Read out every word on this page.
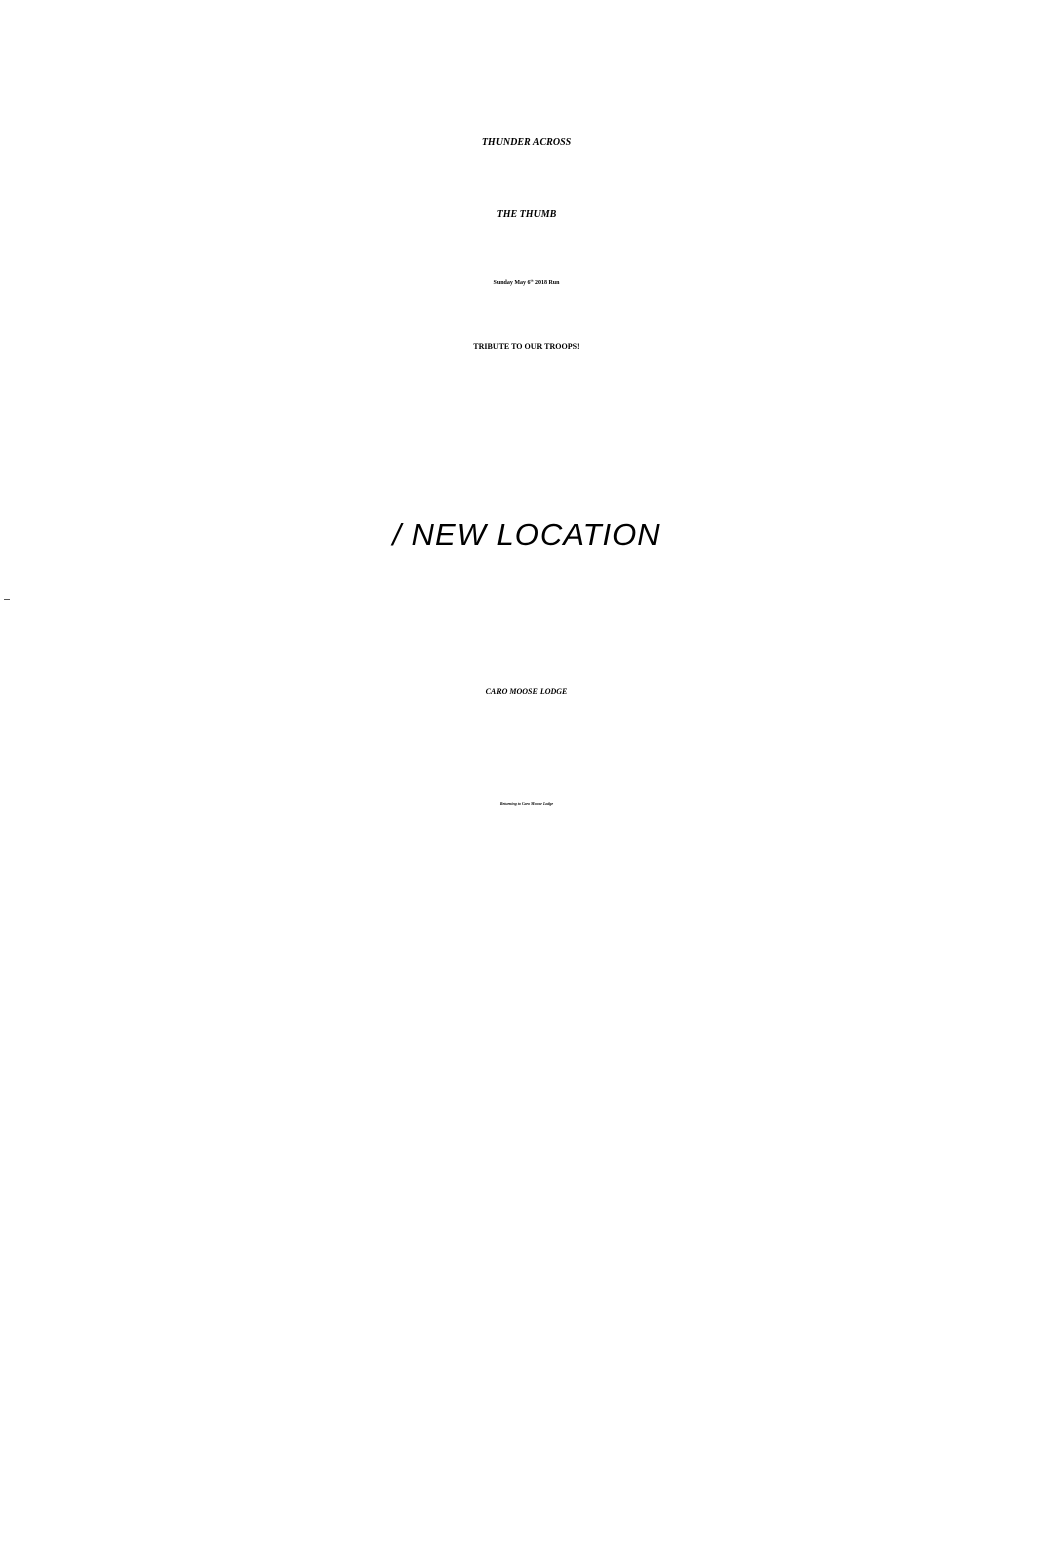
THUNDER ACROSS
THE THUMB
Sunday May 6th 2018 Run
TRIBUTE TO OUR TROOPS!
/ NEW LOCATION
CARO MOOSE LODGE
Returning to Caro Moose Lodge
